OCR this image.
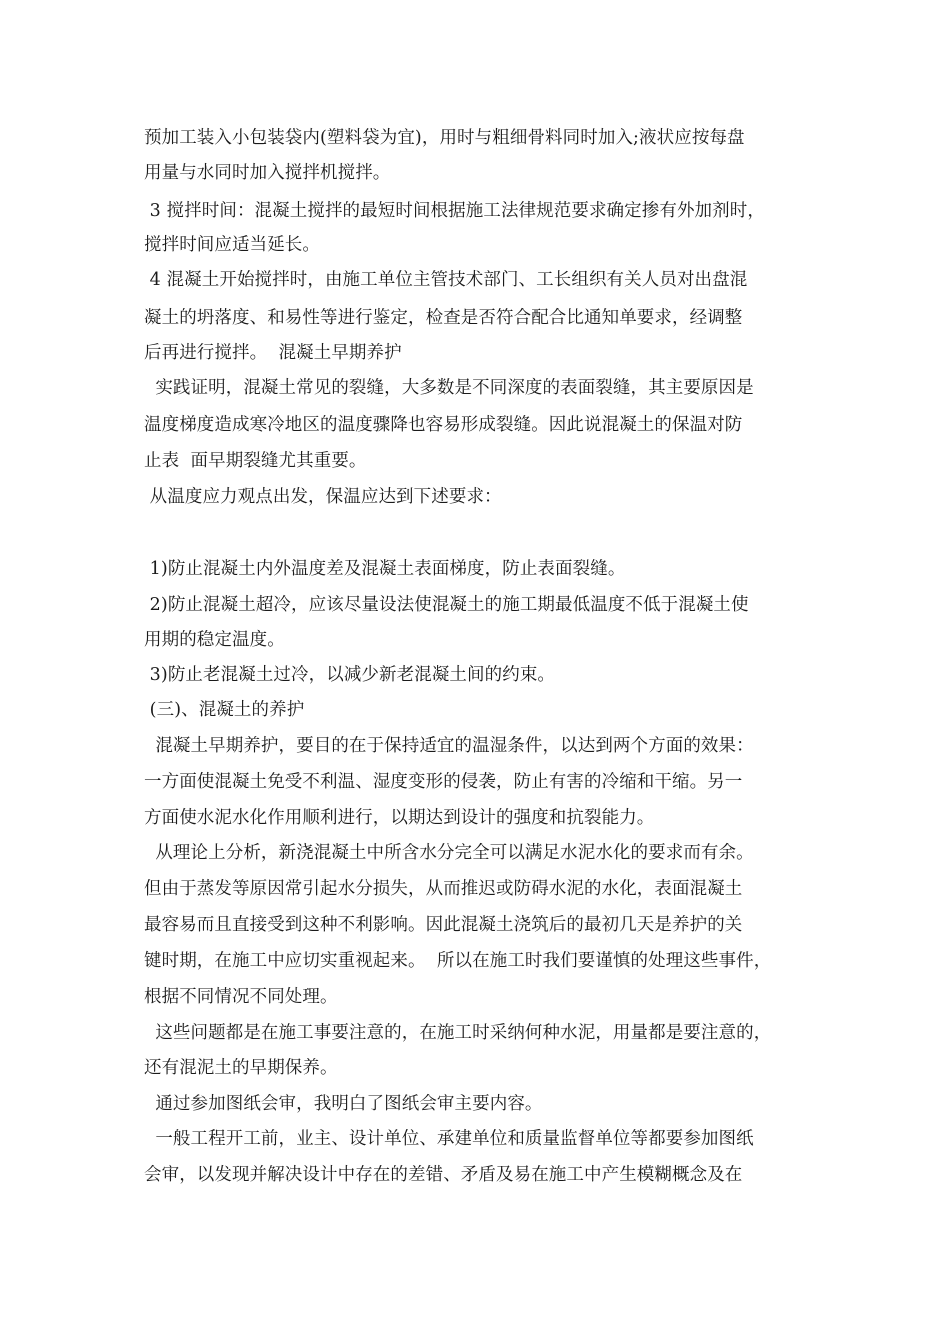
预加工装入小包装袋内(塑料袋为宜)，用时与粗细骨料同时加入;液状应按每盘
用量与水同时加入搅拌机搅拌。
3 搅拌时间：混凝土搅拌的最短时间根据施工法律规范要求确定掺有外加剂时，
搅拌时间应适当延长。
4 混凝土开始搅拌时，由施工单位主管技术部门、工长组织有关人员对出盘混
凝土的坍落度、和易性等进行鉴定，检查是否符合配合比通知单要求，经调整
后再进行搅拌。  混凝土早期养护
实践证明，混凝土常见的裂缝，大多数是不同深度的表面裂缝，其主要原因是
温度梯度造成寒冷地区的温度骤降也容易形成裂缝。因此说混凝土的保温对防
止表  面早期裂缝尤其重要。
从温度应力观点出发，保温应达到下述要求：
1)防止混凝土内外温度差及混凝土表面梯度，防止表面裂缝。
2)防止混凝土超冷，应该尽量设法使混凝土的施工期最低温度不低于混凝土使
用期的稳定温度。
3)防止老混凝土过冷，以减少新老混凝土间的约束。
(三)、混凝土的养护
混凝土早期养护，要目的在于保持适宜的温湿条件，以达到两个方面的效果：
一方面使混凝土免受不利温、湿度变形的侵袭，防止有害的冷缩和干缩。另一
方面使水泥水化作用顺利进行，以期达到设计的强度和抗裂能力。
从理论上分析，新浇混凝土中所含水分完全可以满足水泥水化的要求而有余。
但由于蒸发等原因常引起水分损失，从而推迟或防碍水泥的水化，表面混凝土
最容易而且直接受到这种不利影响。因此混凝土浇筑后的最初几天是养护的关
键时期，在施工中应切实重视起来。  所以在施工时我们要谨慎的处理这些事件，
根据不同情况不同处理。
这些问题都是在施工事要注意的，在施工时采纳何种水泥，用量都是要注意的，
还有混泥土的早期保养。
通过参加图纸会审，我明白了图纸会审主要内容。
一般工程开工前，业主、设计单位、承建单位和质量监督单位等都要参加图纸
会审，以发现并解决设计中存在的差错、矛盾及易在施工中产生模糊概念及在
